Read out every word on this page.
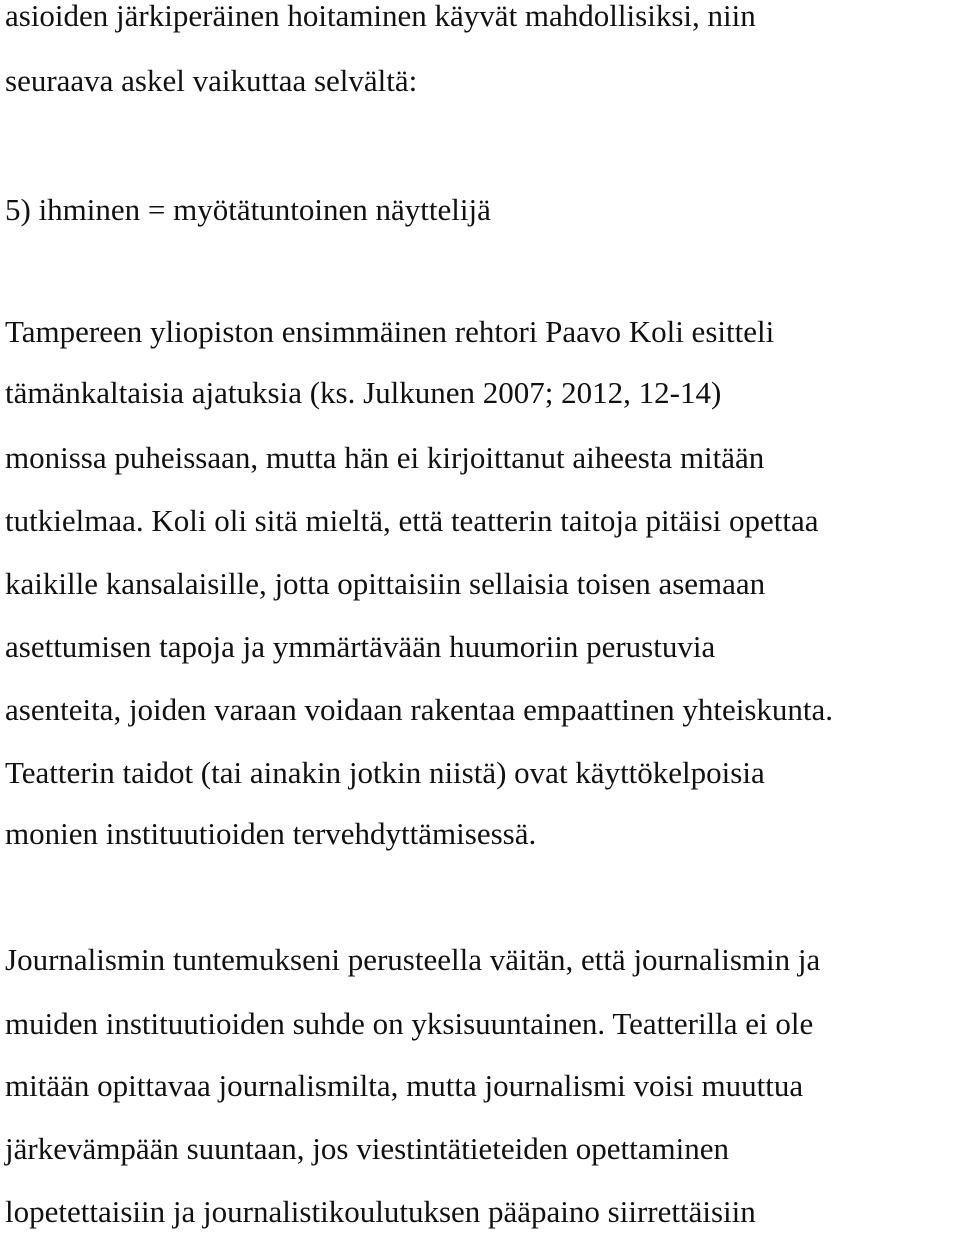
asioiden järkiperäinen hoitaminen käyvät mahdollisiksi, niin
seuraava askel vaikuttaa selvältä:
5) ihminen = myötätuntoinen näyttelijä
Tampereen yliopiston ensimmäinen rehtori Paavo Koli esitteli
tämänkaltaisia ajatuksia (ks. Julkunen 2007; 2012, 12-14)
monissa puheissaan, mutta hän ei kirjoittanut aiheesta mitään
tutkielmaa. Koli oli sitä mieltä, että teatterin taitoja pitäisi opettaa
kaikille kansalaisille, jotta opittaisiin sellaisia toisen asemaan
asettumisen tapoja ja ymmärtävään huumoriin perustuvia
asenteita, joiden varaan voidaan rakentaa empaattinen yhteiskunta.
Teatterin taidot (tai ainakin jotkin niistä) ovat käyttökelpoisia
monien instituutioiden tervehdyttämisessä.
Journalismin tuntemukseni perusteella väitän, että journalismin ja
muiden instituutioiden suhde on yksisuuntainen. Teatterilla ei ole
mitään opittavaa journalismilta, mutta journalismi voisi muuttua
järkevämpään suuntaan, jos viestintätieteiden opettaminen
lopetettaisiin ja journalistikoulutuksen pääpaino siirrettäisiin
